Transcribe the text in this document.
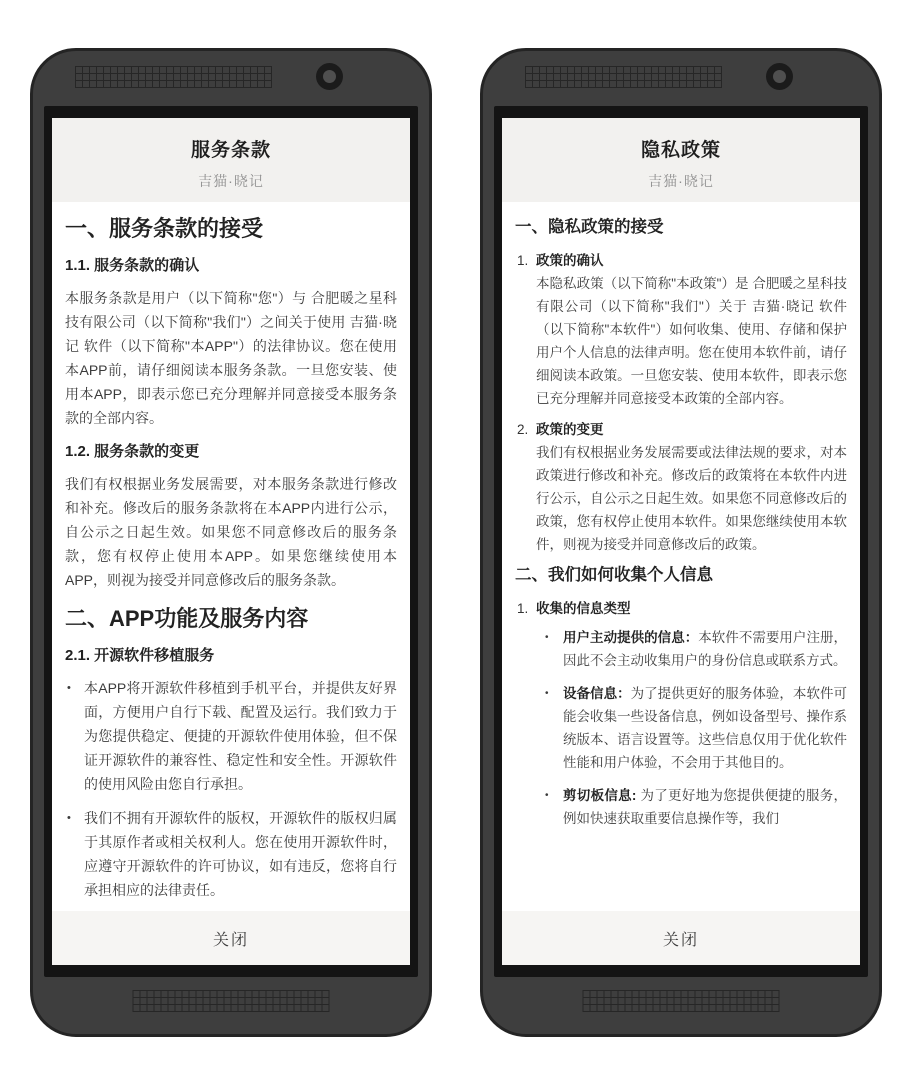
服务条款
吉猫·晓记
一、服务条款的接受
1.1. 服务条款的确认
本服务条款是用户（以下简称"您"）与 合肥暖之星科技有限公司（以下简称"我们"）之间关于使用 吉猫·晓记 软件（以下简称"本APP"）的法律协议。您在使用本APP前，请仔细阅读本服务条款。一旦您安装、使用本APP，即表示您已充分理解并同意接受本服务条款的全部内容。
1.2. 服务条款的变更
我们有权根据业务发展需要，对本服务条款进行修改和补充。修改后的服务条款将在本APP内进行公示，自公示之日起生效。如果您不同意修改后的服务条款，您有权停止使用本APP。如果您继续使用本APP，则视为接受并同意修改后的服务条款。
二、APP功能及服务内容
2.1. 开源软件移植服务
• 本APP将开源软件移植到手机平台，并提供友好界面，方便用户自行下载、配置及运行。我们致力于为您提供稳定、便捷的开源软件使用体验，但不保证开源软件的兼容性、稳定性和安全性。开源软件的使用风险由您自行承担。
• 我们不拥有开源软件的版权，开源软件的版权归属于其原作者或相关权利人。您在使用开源软件时，应遵守开源软件的许可协议，如有违反，您将自行承担相应的法律责任。
关闭
隐私政策
吉猫·晓记
一、隐私政策的接受
1. 政策的确认
本隐私政策（以下简称"本政策"）是 合肥暖之星科技有限公司（以下简称"我们"）关于 吉猫·晓记 软件（以下简称"本软件"）如何收集、使用、存储和保护用户个人信息的法律声明。您在使用本软件前，请仔细阅读本政策。一旦您安装、使用本软件，即表示您已充分理解并同意接受本政策的全部内容。
2. 政策的变更
我们有权根据业务发展需要或法律法规的要求，对本政策进行修改和补充。修改后的政策将在本软件内进行公示，自公示之日起生效。如果您不同意修改后的政策，您有权停止使用本软件。如果您继续使用本软件，则视为接受并同意修改后的政策。
二、我们如何收集个人信息
1. 收集的信息类型
• 用户主动提供的信息：本软件不需要用户注册，因此不会主动收集用户的身份信息或联系方式。
• 设备信息：为了提供更好的服务体验，本软件可能会收集一些设备信息，例如设备型号、操作系统版本、语言设置等。这些信息仅用于优化软件性能和用户体验，不会用于其他目的。
• 剪切板信息: 为了更好地为您提供便捷的服务，例如快速获取重要信息操作等，我们
关闭
